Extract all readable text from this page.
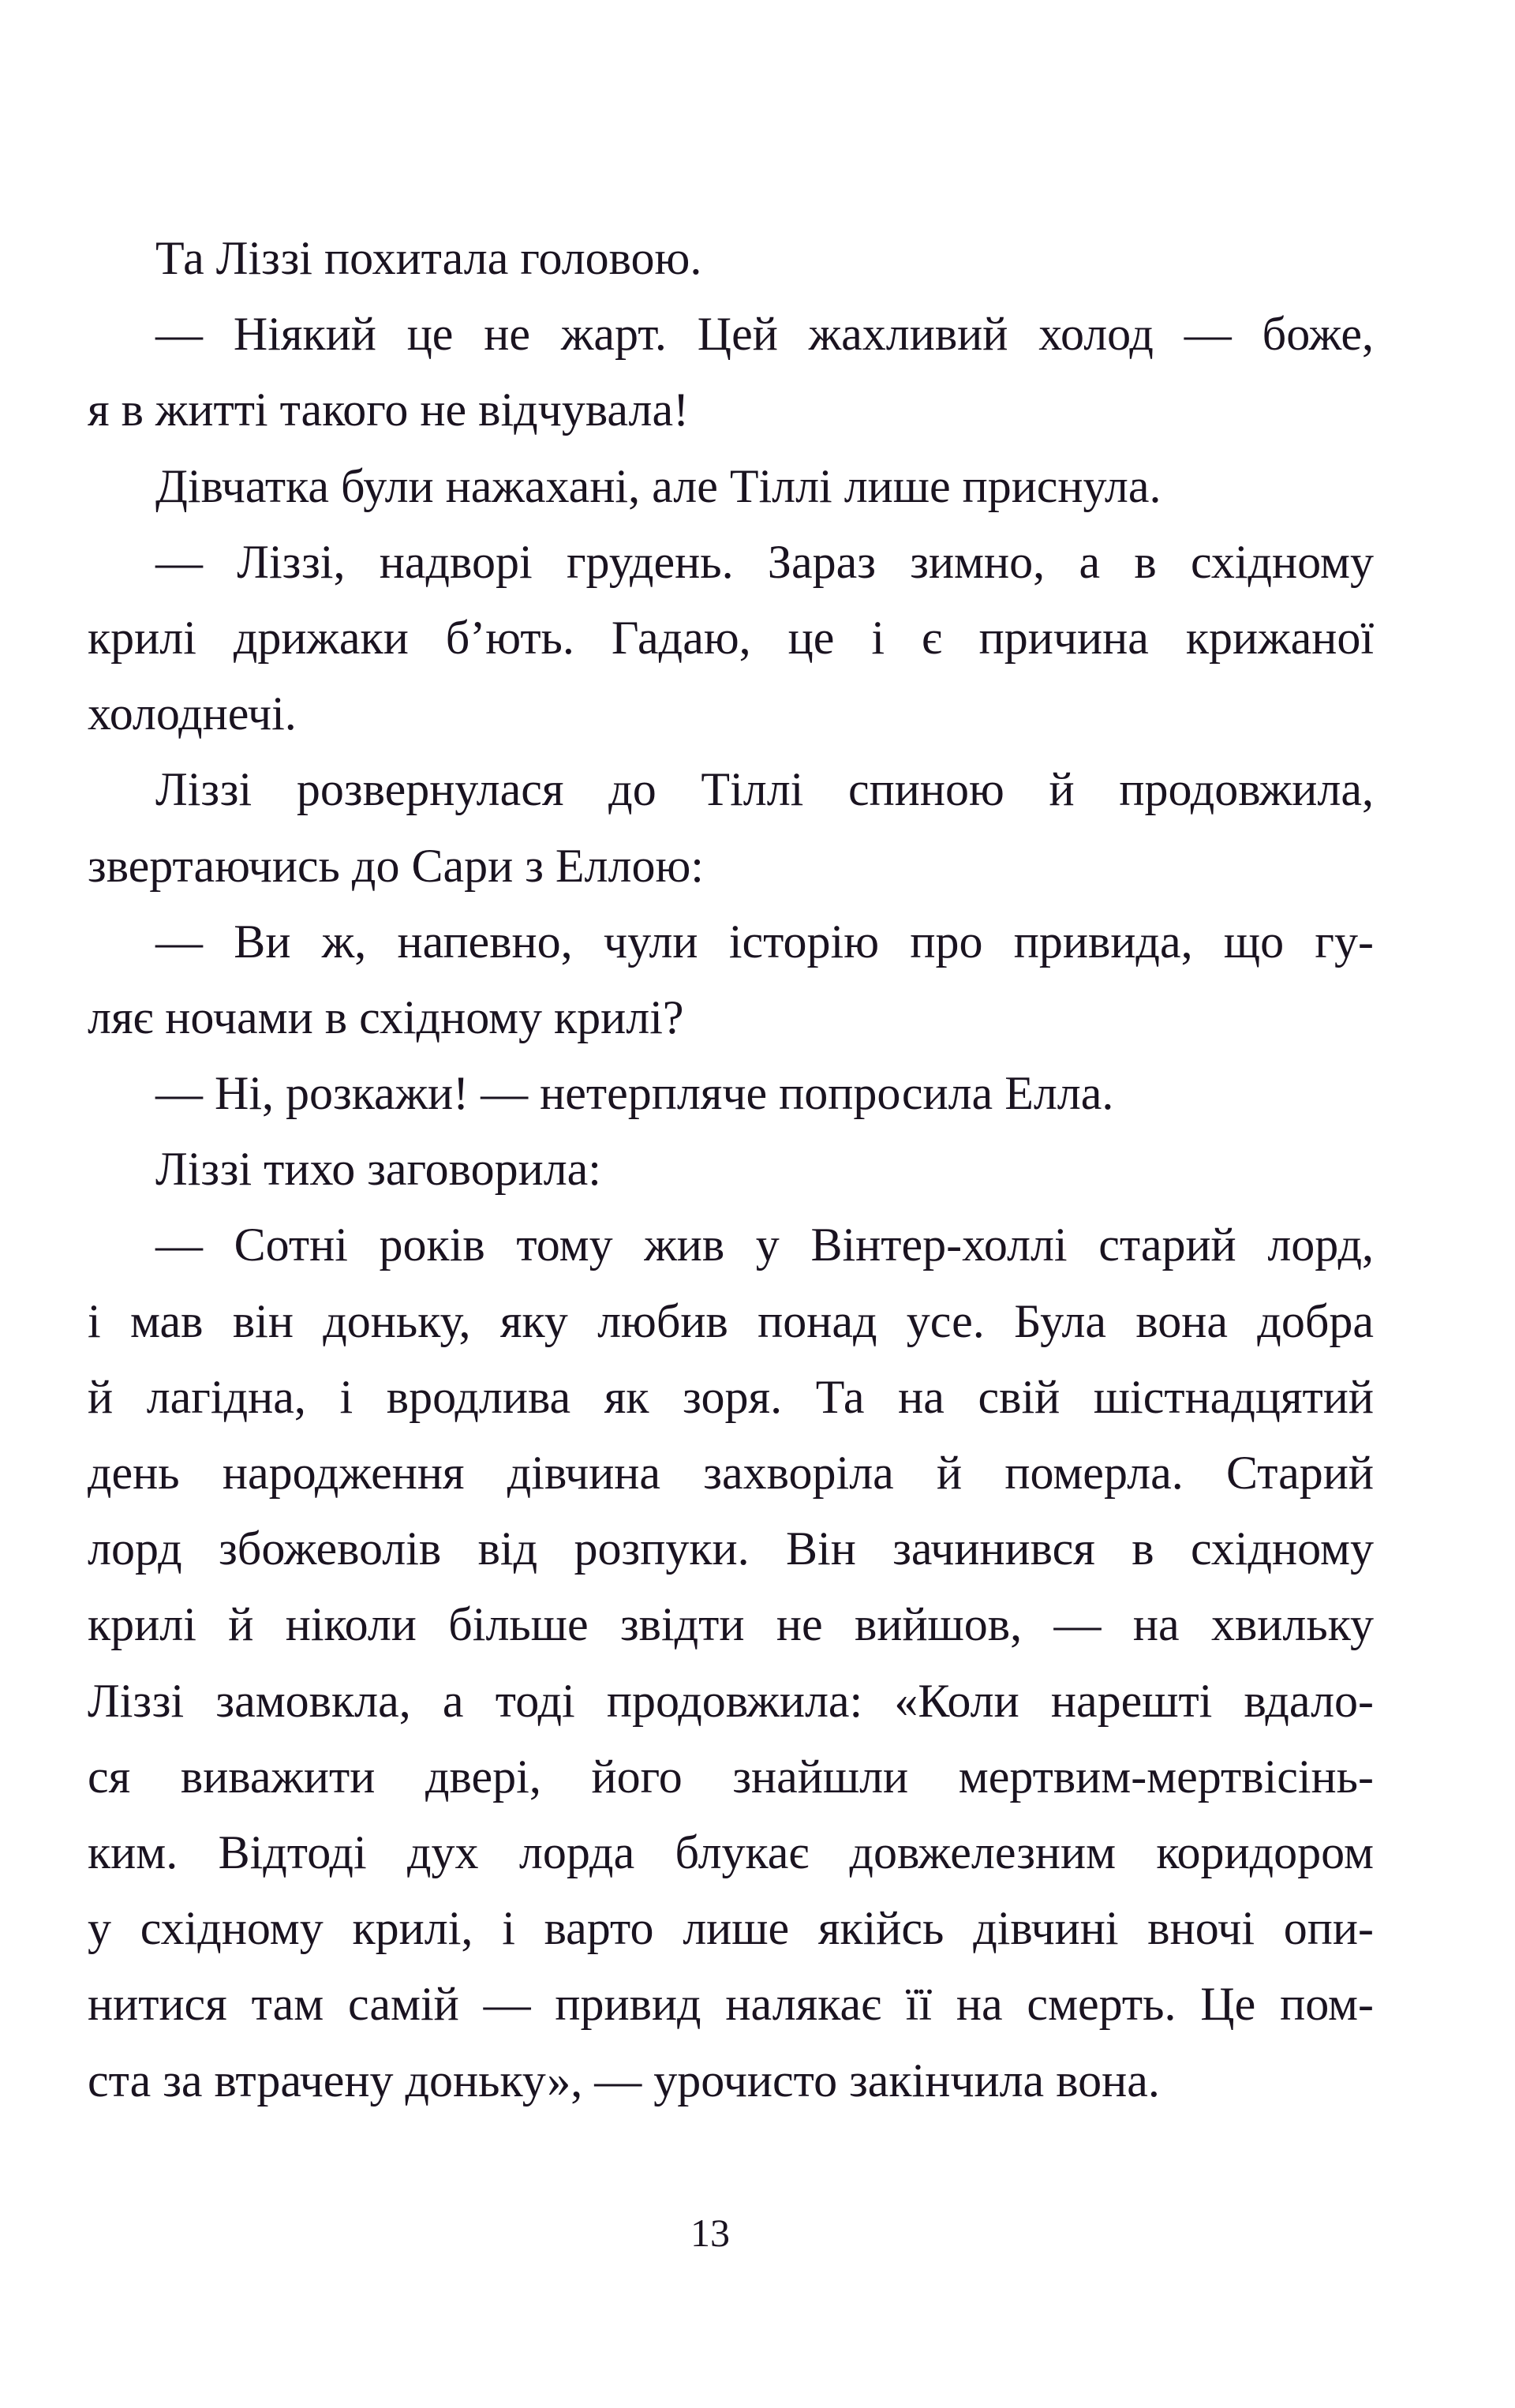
Та Ліззі похитала головою.
— Ніякий це не жарт. Цей жахливий холод — боже,
я в житті такого не відчувала!
Дівчатка були нажахані, але Тіллі лише приснула.
— Ліззі, надворі грудень. Зараз зимно, а в східному
крилі дрижаки б’ють. Гадаю, це і є причина крижаної
холоднечі.
Ліззі розвернулася до Тіллі спиною й продовжила,
звертаючись до Сари з Еллою:
— Ви ж, напевно, чули історію про привида, що гу-
ляє ночами в східному крилі?
— Ні, розкажи! — нетерпляче попросила Елла.
Ліззі тихо заговорила:
— Сотні років тому жив у Вінтер-холлі старий лорд,
і мав він доньку, яку любив понад усе. Була вона добра
й лагідна, і вродлива як зоря. Та на свій шістнадцятий
день народження дівчина захворіла й померла. Старий
лорд збожеволів від розпуки. Він зачинився в східному
крилі й ніколи більше звідти не вийшов, — на хвильку
Ліззі замовкла, а тоді продовжила: «Коли нарешті вдало-
ся виважити двері, його знайшли мертвим-мертвісінь-
ким. Відтоді дух лорда блукає довжелезним коридором
у східному крилі, і варто лише якійсь дівчині вночі опи-
нитися там самій — привид налякає її на смерть. Це пом-
ста за втрачену доньку», — урочисто закінчила вона.
13
